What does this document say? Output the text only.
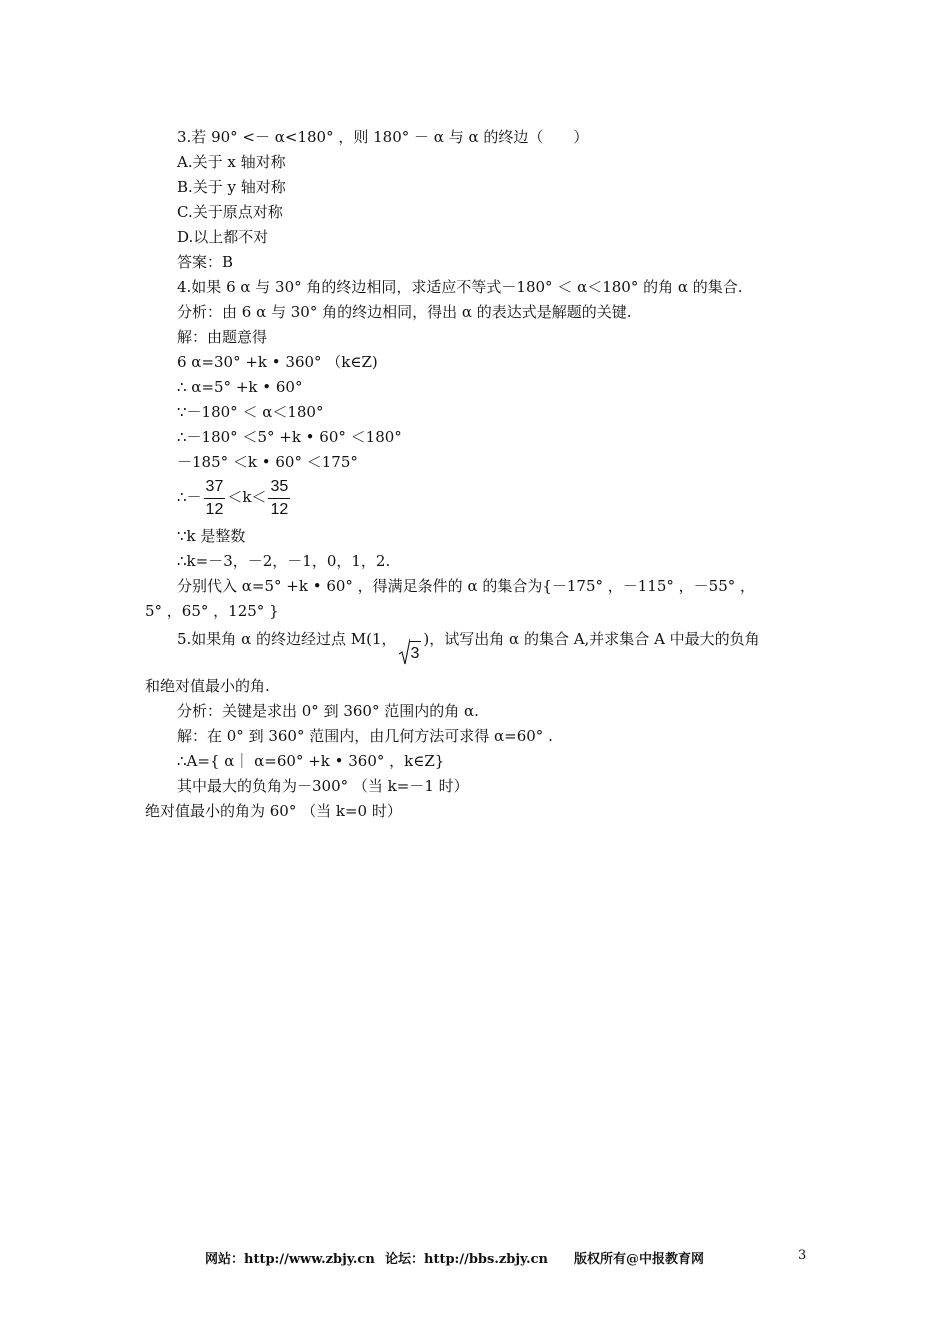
3.若 90° <－ α<180° ，则 180° － α 与 α 的终边（　　）
A.关于 x 轴对称
B.关于 y 轴对称
C.关于原点对称
D.以上都不对
答案：B
4.如果 6 α 与 30° 角的终边相同，求适应不等式－180° ＜ α＜180° 的角 α 的集合.
分析：由 6 α 与 30° 角的终边相同，得出 α 的表达式是解题的关键.
解：由题意得
6 α=30° +k • 360° （k∈Z)
∴ α=5° +k • 60°
∵－180° ＜ α＜180°
∴－180° ＜5° +k • 60° ＜180°
－185° ＜k • 60° ＜175°
∴－ $\frac{37}{12} <k< \frac{35}{12}$
∵k 是整数
∴k=－3，－2，－1，0，1，2.
分别代入 α=5° +k • 60° ，得满足条件的 α 的集合为{－175° ，－115° ，－55° ，
5° ，65° ，125° }
5.如果角 α 的终边经过点 M(1，
3)，试写出角 α 的集合 A,并求集合 A 中最大的负角
和绝对值最小的角.
分析：关键是求出 0° 到 360° 范围内的角 α.
解：在 0° 到 360° 范围内，由几何方法可求得 α=60° .
∴A={ α｜ α=60° +k • 360° ，k∈Z}
其中最大的负角为－300° （当 k=－1 时）
绝对值最小的角为 60° （当 k=0 时）
网站：http://www.zbjy.cn 论坛：http://bbs.zbjy.cn 版权所有@中报教育网	3
